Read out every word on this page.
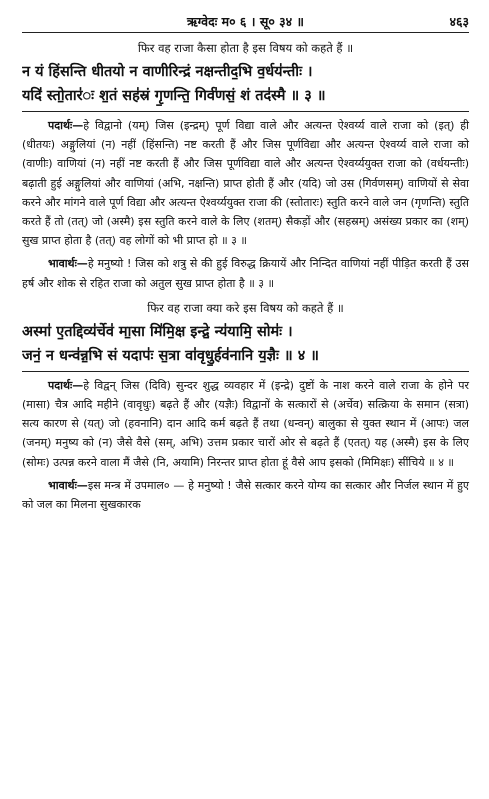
ऋग्वेदः म० ६ । सू० ३४ ॥	४६३
फिर वह राजा कैसा होता है इस विषय को कहते हैं ॥
न यं हिंसन्ति धीतयो न वाणीरिन्द्रं नक्षन्तीद॒भि व॒र्धय॑न्तीः ।
यदि॑ स्तो॒तार॑ः श॒तं सह॑स्रं गृ॒णन्ति॒ गिर्व॑णसं॒ शं तद॑स्मै ॥ ३ ॥

पदार्थः—हे विद्वानो (यम्) जिस (इन्द्रम्) पूर्ण विद्या वाले और अत्यन्त ऐश्वर्य्य वाले राजा को (इत्) ही (धीतयः) अङ्गुलियां (न) नहीं (हिंसन्ति) नष्ट करती हैं और जिस पूर्णविद्या और अत्यन्त ऐश्वर्य्य वाले राजा को (वाणीः) वाणियां (न) नहीं नष्ट करती हैं और जिस पूर्णविद्या वाले और अत्यन्त ऐश्वर्य्ययुक्त राजा को (वर्धयन्तीः) बढ़ाती हुई अङ्गुलियां और वाणियां (अभि, नक्षन्ति) प्राप्त होती हैं और (यदि) जो उस (गिर्वणसम्) वाणियों से सेवा करने और मांगने वाले पूर्ण विद्या और अत्यन्त ऐश्वर्य्ययुक्त राजा की (स्तोतारः) स्तुति करने वाले जन (गृणन्ति) स्तुति करते हैं तो (तत्) जो (अस्मै) इस स्तुति करने वाले के लिए (शतम्) सैकड़ों और (सहस्रम्) असंख्य प्रकार का (शम्) सुख प्राप्त होता है (तत्) वह लोगों को भी प्राप्त हो ॥ ३ ॥

भावार्थः—हे मनुष्यो ! जिस को शत्रु से की हुई विरुद्ध क्रियायें और निन्दित वाणियां नहीं पीड़ित करती हैं उस हर्ष और शोक से रहित राजा को अतुल सुख प्राप्त होता है ॥ ३ ॥

फिर वह राजा क्या करे इस विषय को कहते हैं ॥
अस्मा॑ ए॒तद्दिव्य॑र्चेव॑ मा॒सा मि॑मि॒क्ष इन्द्रे॒ न्य॑यामि॒ सोमः॑ ।
जनं॒ न धन्व॑न्न॒भि सं यदापः॑ स॒त्रा वा॑वृधु॒र्हव॑नानि य॒ज्ञैः ॥ ४ ॥

पदार्थः—हे विद्वन् जिस (दिवि) सुन्दर शुद्ध व्यवहार में (इन्द्रे) दुष्टों के नाश करने वाले राजा के होने पर (मासा) चैत्र आदि महीने (वावृधुः) बढ़ते हैं और (यज्ञैः) विद्वानों के सत्कारों से (अर्चेव) सत्क्रिया के समान (सत्रा) सत्य कारण से (यत्) जो (हवनानि) दान आदि कर्म बढ़ते हैं तथा (धन्वन्) बालुका से युक्त स्थान में (आपः) जल (जनम्) मनुष्य को (न) जैसे वैसे (सम्, अभि) उत्तम प्रकार चारों ओर से बढ़ते हैं (एतत्) यह (अस्मै) इस के लिए (सोमः) उत्पन्न करने वाला मैं जैसे (नि, अयामि) निरन्तर प्राप्त होता हूं वैसे आप इसको (मिमिक्षः) सींचिये ॥ ४ ॥

भावार्थः—इस मन्त्र में उपमाल० — हे मनुष्यो ! जैसे सत्कार करने योग्य का सत्कार और निर्जल स्थान में हुए को जल का मिलना सुखकारक
